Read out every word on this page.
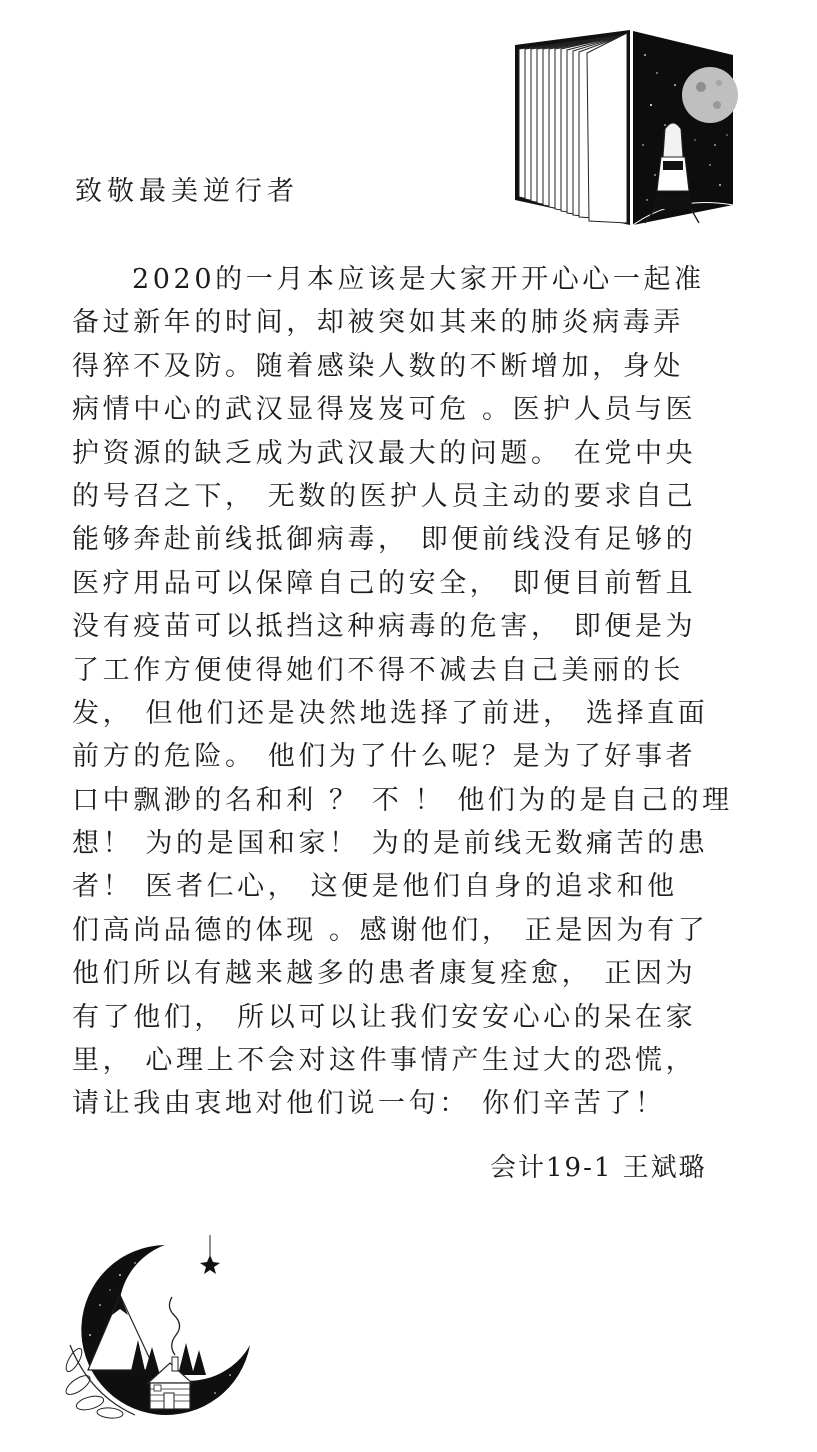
致敬最美逆行者
2020的一月本应该是大家开开心心一起准
备过新年的时间，却被突如其来的肺炎病毒弄
得猝不及防。随着感染人数的不断增加，身处
病情中心的武汉显得岌岌可危 。医护人员与医
护资源的缺乏成为武汉最大的问题。 在党中央
的号召之下， 无数的医护人员主动的要求自己
能够奔赴前线抵御病毒， 即便前线没有足够的
医疗用品可以保障自己的安全， 即便目前暂且
没有疫苗可以抵挡这种病毒的危害， 即便是为
了工作方便使得她们不得不减去自己美丽的长
发， 但他们还是决然地选择了前进， 选择直面
前方的危险。 他们为了什么呢？是为了好事者
口中飘渺的名和利 ？ 不 ！ 他们为的是自己的理
想！ 为的是国和家！ 为的是前线无数痛苦的患
者！ 医者仁心， 这便是他们自身的追求和他
们高尚品德的体现 。感谢他们， 正是因为有了
他们所以有越来越多的患者康复痊愈， 正因为
有了他们， 所以可以让我们安安心心的呆在家
里， 心理上不会对这件事情产生过大的恐慌，
请让我由衷地对他们说一句： 你们辛苦了！
会计19-1 王斌璐
